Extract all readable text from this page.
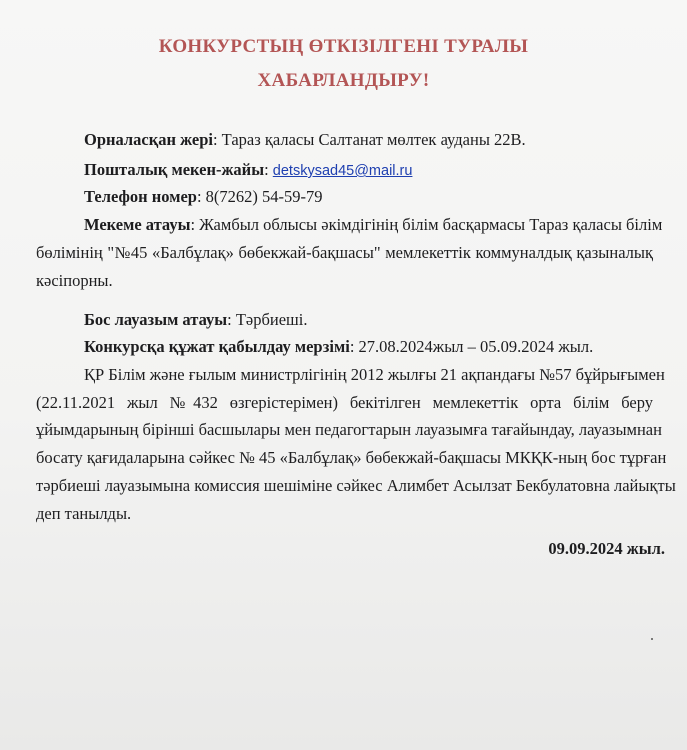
КОНКУРСТЫҢ ӨТКІЗІЛГЕНІ ТУРАЛЫ
ХАБАРЛАНДЫРУ!
Орналасқан жері: Тараз қаласы Салтанат мөлтек ауданы 22В.
Пошталық мекен-жайы: detskysad45@mail.ru
Телефон номер: 8(7262) 54-59-79
Мекеме атауы: Жамбыл облысы әкімдігінің білім басқармасы Тараз қаласы білім
бөлімінің "№45 «Балбұлақ» бөбекжай-бақшасы" мемлекеттік коммуналдық қазыналық
кәсіпорны.
Бос лауазым атауы: Тәрбиеші.
Конкурсқа құжат қабылдау мерзімі: 27.08.2024жыл – 05.09.2024 жыл.
ҚР Білім және ғылым министрлігінің 2012 жылғы 21 ақпандағы №57 бұйрығымен
(22.11.2021 жыл №432 өзгерістерімен) бекітілген мемлекеттік орта білім беру
ұйымдарының бірінші басшылары мен педагогтарын лауазымға тағайындау, лауазымнан
босату қағидаларына сәйкес № 45 «Балбұлақ» бөбекжай-бақшасы МКҚК-ның бос тұрған
тәрбиеші лауазымына комиссия шешіміне сәйкес Алимбет Асылзат Бекбулатовна лайықты
деп танылды.
09.09.2024 жыл.
